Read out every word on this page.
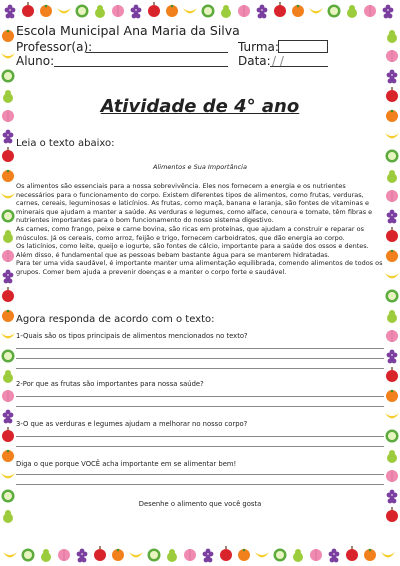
Escola Municipal Ana Maria da Silva
Professor(a):	Turma:
Aluno:	Data: / /
Atividade de 4° ano
Leia o texto abaixo:
Alimentos e Sua Importância

Os alimentos são essenciais para a nossa sobrevivência. Eles nos fornecem a energia e os nutrientes necessários para o funcionamento do corpo. Existem diferentes tipos de alimentos, como frutas, verduras, carnes, cereais, leguminosas e laticínios. As frutas, como maçã, banana e laranja, são fontes de vitaminas e minerais que ajudam a manter a saúde. As verduras e legumes, como alface, cenoura e tomate, têm fibras e nutrientes importantes para o bom funcionamento do nosso sistema digestivo.

As carnes, como frango, peixe e carne bovina, são ricas em proteínas, que ajudam a construir e reparar os músculos. Já os cereais, como arroz, feijão e trigo, fornecem carboidratos, que dão energia ao corpo.

Os laticínios, como leite, queijo e iogurte, são fontes de cálcio, importante para a saúde dos ossos e dentes. Além disso, é fundamental que as pessoas bebam bastante água para se manterem hidratadas.

Para ter uma vida saudável, é importante manter uma alimentação equilibrada, comendo alimentos de todos os grupos. Comer bem ajuda a prevenir doenças e a manter o corpo forte e saudável.

Agora responda de acordo com o texto:
1-Quais são os tipos principais de alimentos mencionados no texto?
2-Por que as frutas são importantes para nossa saúde?
3-O que as verduras e legumes ajudam a melhorar no nosso corpo?
Diga o que porque VOCÊ acha importante em se alimentar bem!
Desenhe o alimento que você gosta
